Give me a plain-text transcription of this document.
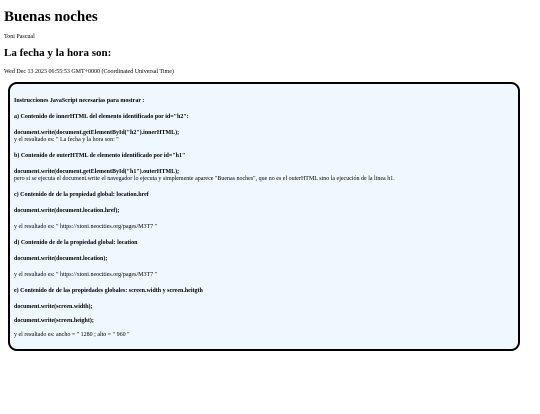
Buenas noches
Toni Pascual
La fecha y la hora son:
Wed Dec 13 2023 06:55:53 GMT+0000 (Coordinated Universal Time)

Instrucciones JavaScript necesarias para mostrar :

a) Contenido de innerHTML del elemento identificado por id="h2":

document.write(document.getElementById("h2").innerHTML);

y el resultado es: " La fecha y la hora son: "

b) Contenido de outerHTML de elemento identificado por id="h1"

document.write(document.getElementById("h1").outerHTML);

pero si se ejecuta el document.write el navegador lo ejecuta y simplemente aparece "Buenas noches", que no es el outerHTML sino la ejecución de la linea h1.

c) Contenido de de la propiedad global: location.href

document.write(document.location.href);

y el resultado es: " https://xtoni.neocities.org/pages/M3T7 "

d) Contenido de de la propiedad global: location

document.write(document.location);

y el resultado es: " https://xtoni.neocities.org/pages/M3T7 "

e) Contenido de de las propiedades globales: screen.width y screen.heitgth

document.write(screen.width);

document.write(screen.height);

y el resultado es: ancho = " 1280 ; alto = " 960 "
